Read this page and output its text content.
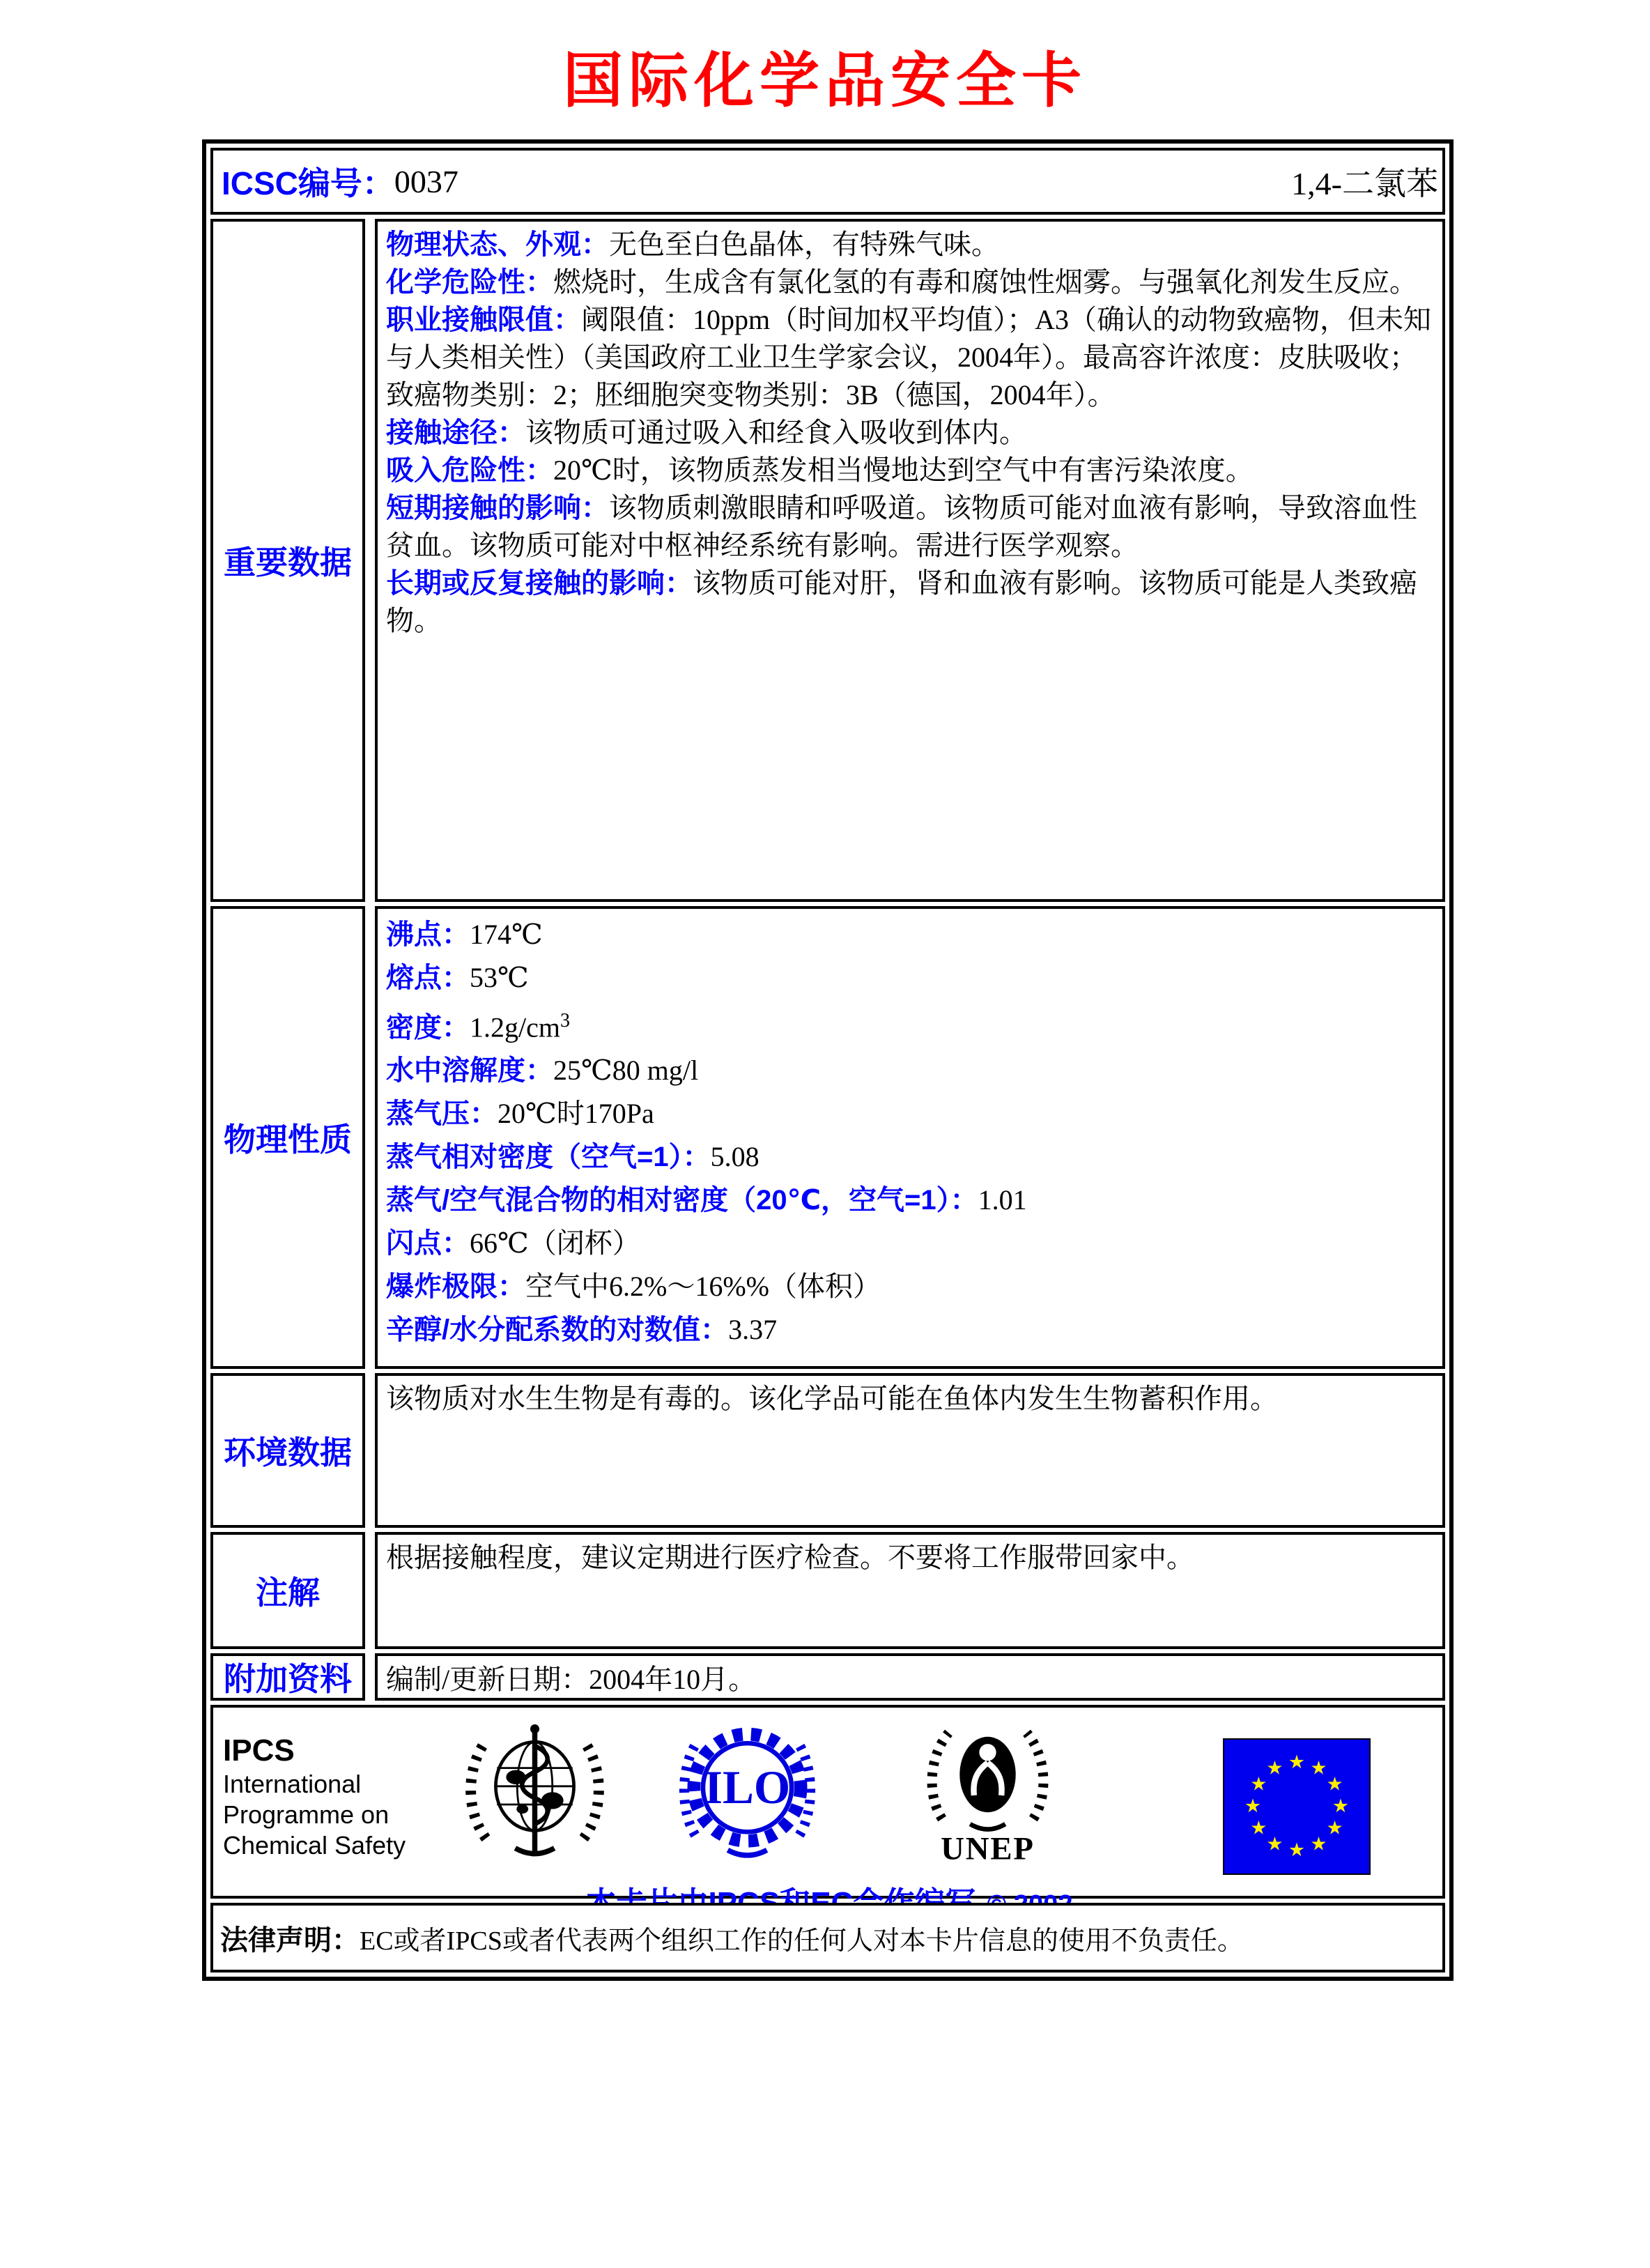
国际化学品安全卡
ICSC编号： 0037	1,4-二氯苯
重要数据

物理状态、外观：无色至白色晶体，有特殊气味。

化学危险性：燃烧时，生成含有氯化氢的有毒和腐蚀性烟雾。与强氧化剂发生反应。

职业接触限值：阈限值：10ppm（时间加权平均值）；A3（确认的动物致癌物，但未知与人类相关性）（美国政府工业卫生学家会议，2004年）。最高容许浓度：皮肤吸收；致癌物类别：2；胚细胞突变物类别：3B（德国，2004年）。

接触途径：该物质可通过吸入和经食入吸收到体内。

吸入危险性：20℃时，该物质蒸发相当慢地达到空气中有害污染浓度。

短期接触的影响：该物质刺激眼睛和呼吸道。该物质可能对血液有影响，导致溶血性贫血。该物质可能对中枢神经系统有影响。需进行医学观察。

长期或反复接触的影响：该物质可能对肝，肾和血液有影响。该物质可能是人类致癌物。

物理性质
沸点：174℃
熔点：53℃
密度：$1.2g/cm^3$
水中溶解度：25℃80 mg/l
蒸气压：20℃时170Pa
蒸气相对密度（空气=1）：5.08
蒸气/空气混合物的相对密度（20℃，空气=1）：1.01
闪点：66℃（闭杯）
爆炸极限：空气中6.2%～16%%（体积）
辛醇/水分配系数的对数值：3.37
环境数据

该物质对水生生物是有毒的。该化学品可能在鱼体内发生生物蓄积作用。

注解

根据接触程度，建议定期进行医疗检查。不要将工作服带回家中。

附加资料 编制/更新日期：2004年10月。
IPCS
International
Programme on
Chemical Safety
ILO
UNEP
★ ★
★
★
★
★
★
★
★
★
★
★
法律声明： EC或者IPCS或者代表两个组织工作的任何人对本卡片信息的使用不负责任。
